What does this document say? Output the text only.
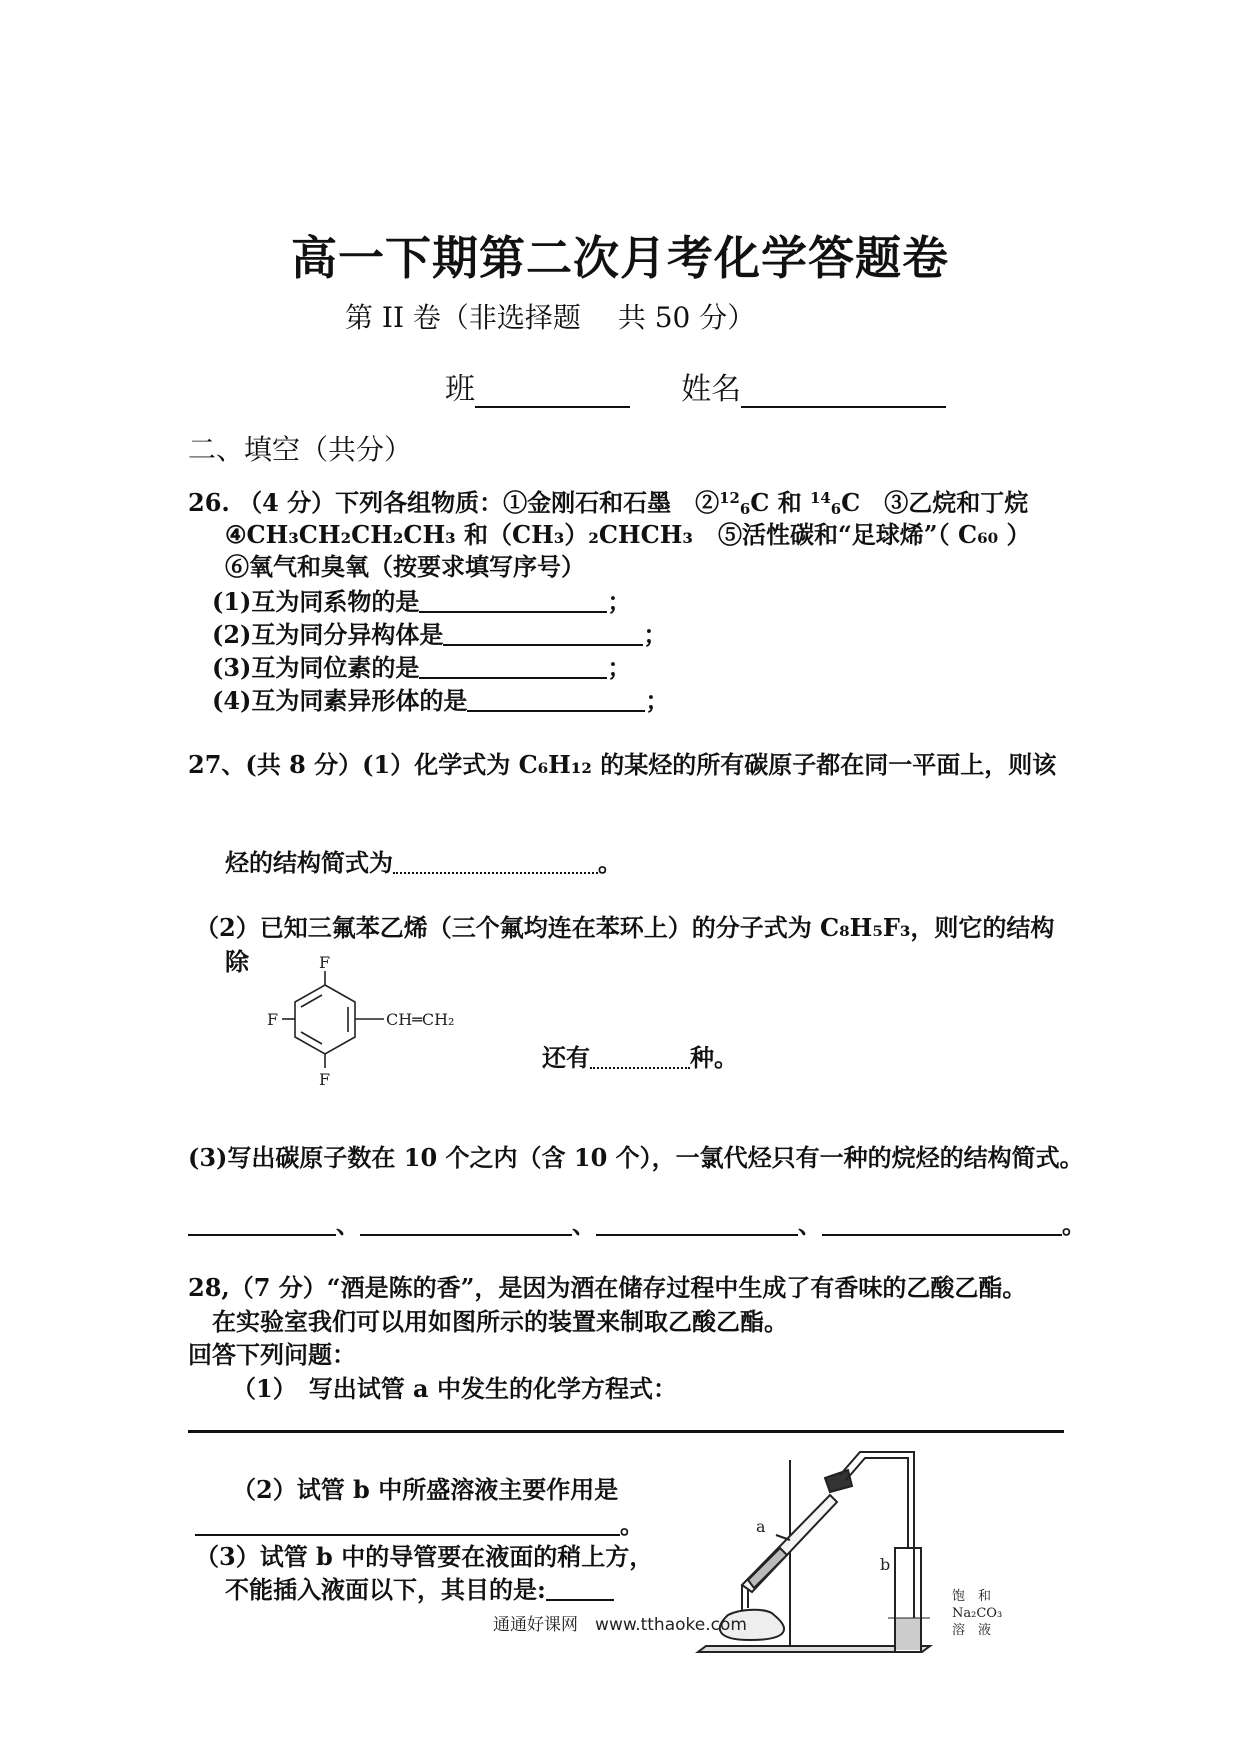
高一下期第二次月考化学答题卷
第 II 卷（非选择题　 共 50 分）
班	姓名
二、填空（共分）
26. （4 分）下列各组物质：①金刚石和石墨　②$^{12}$6C 和 $^{14}$6C　③乙烷和丁烷
④CH₃CH₂CH₂CH₃ 和（CH₃）₂CHCH₃ ⑤活性碳和“足球烯”（ C₆₀ ）
⑥氧气和臭氧（按要求填写序号）
(1)互为同系物的是	；
(2)互为同分异构体是	；
(3)互为同位素的是	；
(4)互为同素异形体的是	；
27、(共 8 分）(1）化学式为 C₆H₁₂ 的某烃的所有碳原子都在同一平面上，则该
烃的结构简式为	。
（2）已知三氟苯乙烯（三个氟均连在苯环上）的分子式为 C₈H₅F₃，则它的结构
除	F
F
F
CH═CH₂
还有	种。
(3)写出碳原子数在 10 个之内（含 10 个），一氯代烃只有一种的烷烃的结构简式。
、	、	、	。
28,（7 分）“酒是陈的香”，是因为酒在储存过程中生成了有香味的乙酸乙酯。
在实验室我们可以用如图所示的装置来制取乙酸乙酯。
回答下列问题：
（1）　写出试管 a 中发生的化学方程式：
（2）试管 b 中所盛溶液主要作用是
。
（3）试管 b 中的导管要在液面的稍上方，
不能插入液面以下，其目的是:
a
b
饱　和
Na₂CO₃
溶　液
通通好课网　www.tthaoke.com
